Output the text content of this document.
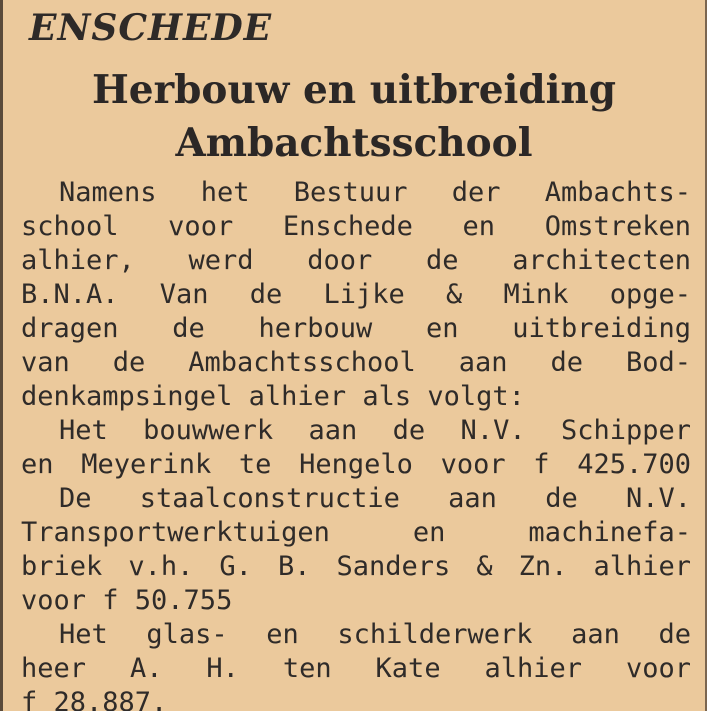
ENSCHEDE
Herbouw en uitbreiding
Ambachtsschool
Namens het Bestuur der Ambachts-
school voor Enschede en Omstreken
alhier, werd door de architecten
B.N.A. Van de Lijke & Mink opge-
dragen de herbouw en uitbreiding
van de Ambachtsschool aan de Bod-
denkampsingel alhier als volgt:
Het bouwwerk aan de N.V. Schipper
en Meyerink te Hengelo voor f 425.700
De staalconstructie aan de N.V.
Transportwerktuigen en machinefa-
briek v.h. G. B. Sanders & Zn. alhier
voor f 50.755
Het glas- en schilderwerk aan de
heer A. H. ten Kate alhier voor
f 28.887.
